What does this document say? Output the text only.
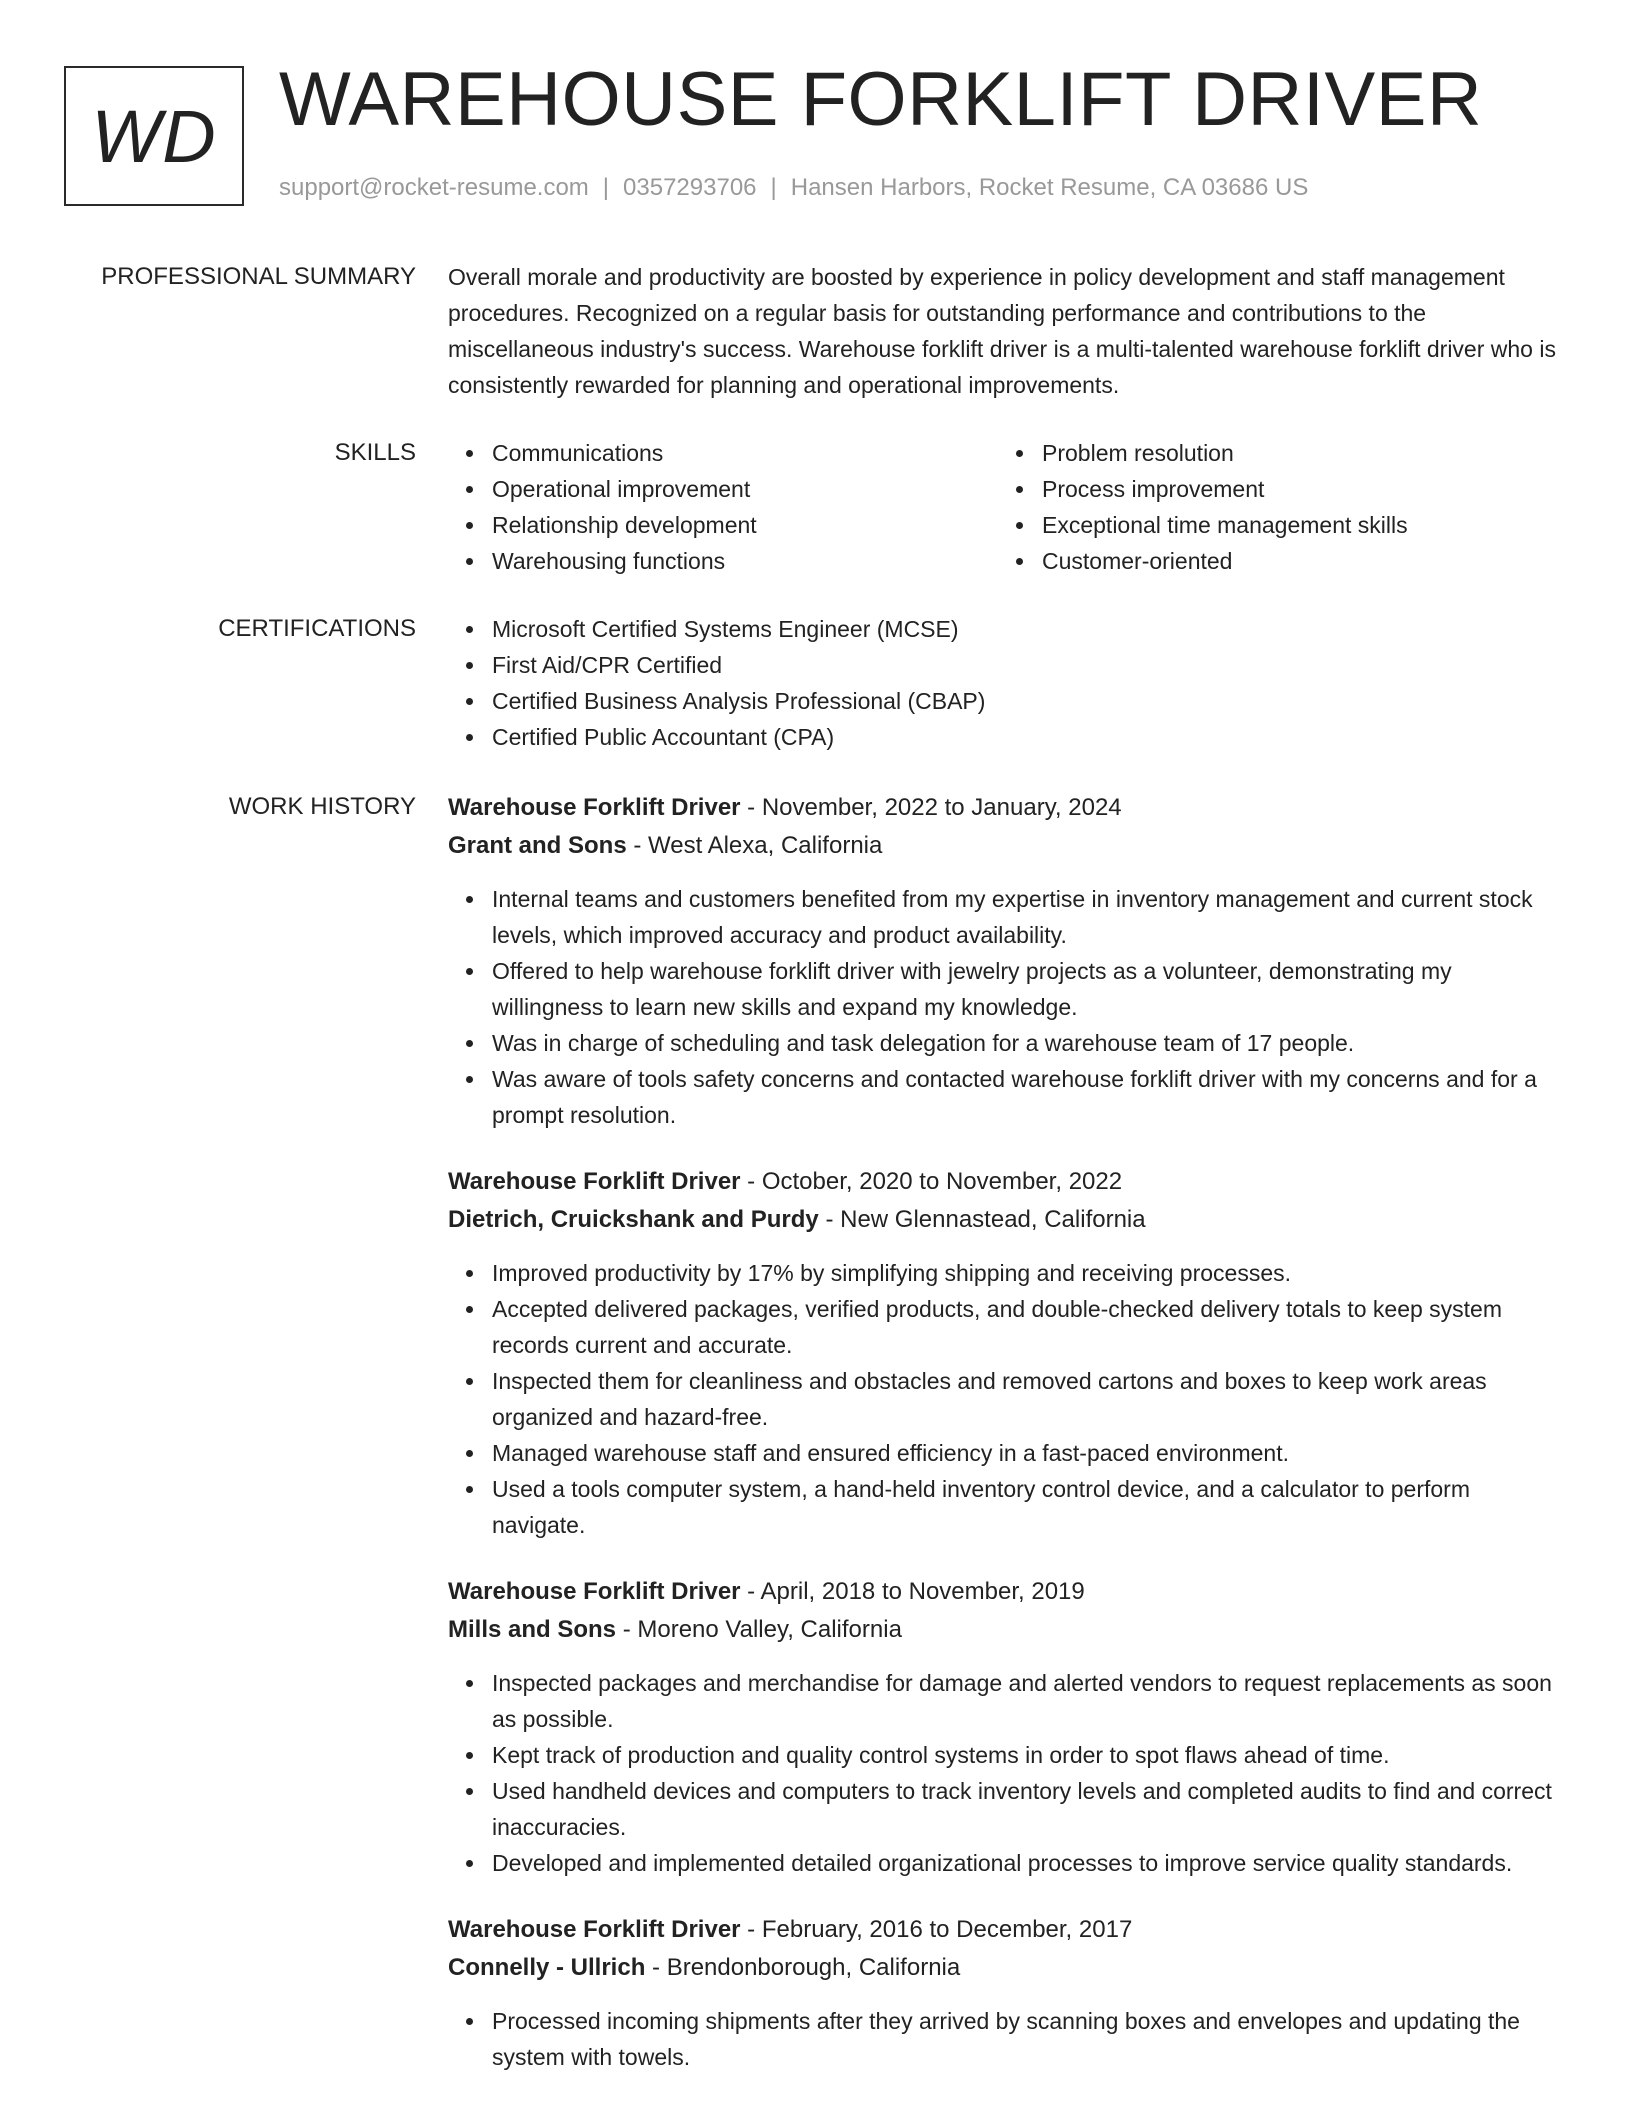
WD WAREHOUSE FORKLIFT DRIVER
support@rocket-resume.com | 0357293706 | Hansen Harbors, Rocket Resume, CA 03686 US
PROFESSIONAL SUMMARY Overall morale and productivity are boosted by experience in policy development and staff management procedures. Recognized on a regular basis for outstanding performance and contributions to the miscellaneous industry's success. Warehouse forklift driver is a multi-talented warehouse forklift driver who is consistently rewarded for planning and operational improvements.
SKILLS	Communications
Operational improvement
Relationship development
Warehousing functions
Problem resolution
Process improvement
Exceptional time management skills
Customer-oriented
CERTIFICATIONS	Microsoft Certified Systems Engineer (MCSE)
First Aid/CPR Certified
Certified Business Analysis Professional (CBAP)
Certified Public Accountant (CPA)
WORK HISTORY Warehouse Forklift Driver - November, 2022 to January, 2024
Grant and Sons - West Alexa, California
Internal teams and customers benefited from my expertise in inventory management and current stock levels, which improved accuracy and product availability.
Offered to help warehouse forklift driver with jewelry projects as a volunteer, demonstrating my willingness to learn new skills and expand my knowledge.
Was in charge of scheduling and task delegation for a warehouse team of 17 people.
Was aware of tools safety concerns and contacted warehouse forklift driver with my concerns and for a prompt resolution.
Warehouse Forklift Driver - October, 2020 to November, 2022
Dietrich, Cruickshank and Purdy - New Glennastead, California
Improved productivity by 17% by simplifying shipping and receiving processes.
Accepted delivered packages, verified products, and double-checked delivery totals to keep system records current and accurate.
Inspected them for cleanliness and obstacles and removed cartons and boxes to keep work areas organized and hazard-free.
Managed warehouse staff and ensured efficiency in a fast-paced environment.
Used a tools computer system, a hand-held inventory control device, and a calculator to perform navigate.
Warehouse Forklift Driver - April, 2018 to November, 2019
Mills and Sons - Moreno Valley, California
Inspected packages and merchandise for damage and alerted vendors to request replacements as soon as possible.
Kept track of production and quality control systems in order to spot flaws ahead of time.
Used handheld devices and computers to track inventory levels and completed audits to find and correct inaccuracies.
Developed and implemented detailed organizational processes to improve service quality standards.
Warehouse Forklift Driver - February, 2016 to December, 2017
Connelly - Ullrich - Brendonborough, California
Processed incoming shipments after they arrived by scanning boxes and envelopes and updating the system with towels.
